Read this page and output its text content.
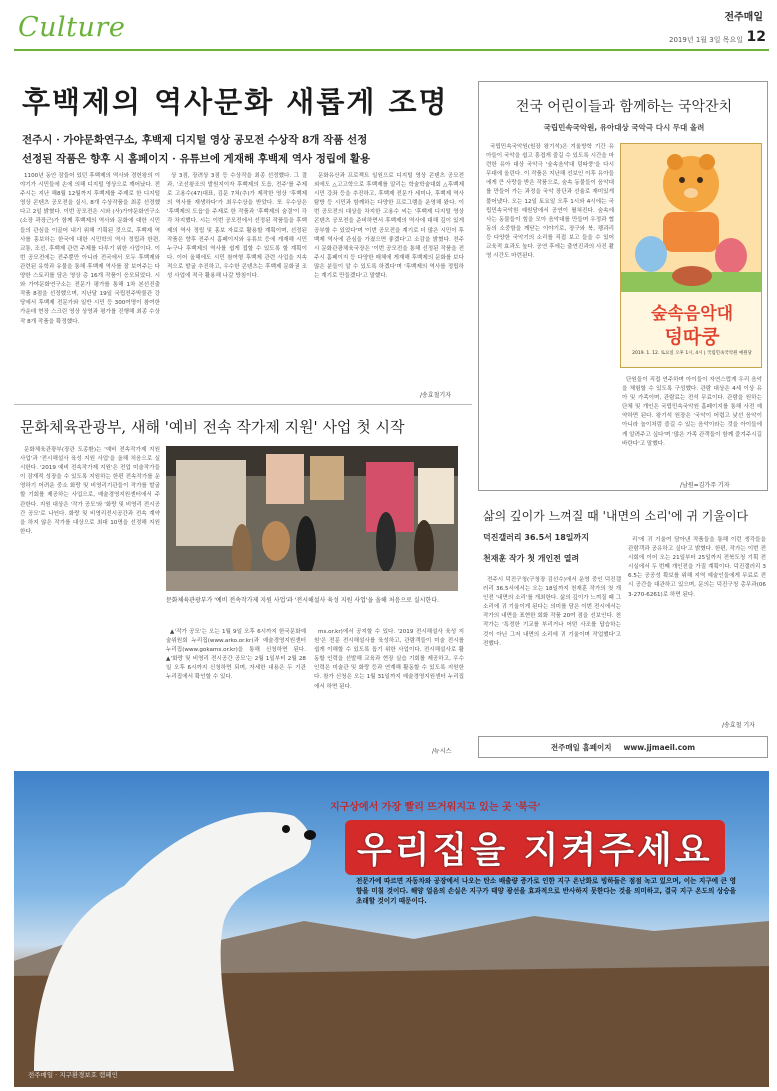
Culture	전주매일
2019년 1월 3일 목요일 12
후백제의 역사문화 새롭게 조명
전주시 · 가야문화연구소, 후백제 디지털 영상 공모전 수상작 8개 작품 선정
선정된 작품은 향후 시 홈페이지 · 유튜브에 게재해 후백제 역사 정립에 활용

1100년 동안 잠들어 있던 후백제의 역사와 경헌왕의 이야기가 시민들에 손에 의해 디지털 영상으로 깨어났다. 전주시는 지난 해8월 12월까지 후백제를 주제로 한 디지털 영상 콘텐츠 공모전을 실시, 8개 수상작품을 최종 선정했다고 2일 밝혔다. 이번 공모전은 시와 (사)가야문화연구소(소장 곽장근)가 함께 후백제의 역사와 문화에 대한 시민들의 관심을 이끌어 내기 위해 기획된 것으로, 후백제 역사를 홍보하는 한국에 대한 시민학의 역사 정립과 한편, 교통, 조선, 후백제 관련 주제를 다루기 위한 사업이다. 이번 공모전에는 전주뿐만 아니라 전국에서 모두 후백제와 관련된 유학과 유물을 통해 후백제 역사를 잘 보여주는 다양한 스토리를 담은 영상 총 16개 작품이 응모되었다. 시와 가야문화연구소는 전문가 평가를 통해 1차 본선진출 작품 8점을 선정했으며, 지난달 19일 국립전주박물관 강당에서 후백제 전문가와 일반 시민 등 300여명이 참여한 가운데 현장 스크린 영상 상영과 평가를 진행해 최종 수상작 8개 작품을 확정했다.

상 3점, 장려상 3점 등 수상작을 최종 선정했다. 그 결과, '조선왕조의 발원지이자 후백제의 도읍, 전주'를 주제로 고용수(47)대표, 김문 7쳐(추)가 제작한 영상 '후백제의 역사를 재생하다'가 최우수상을 받았다. 또 우수상은 '후백제의 도읍'을 주제로 한 작품과 '후백제의 숨결'이 각각 차지했다. 시는 이번 공모전에서 선정된 작품들을 후백제의 역사 정립 및 홍보 자료로 활용할 계획이며, 선정된 작품은 향후 전주시 홈페이지와 유튜브 등에 게재해 시민 누구나 후백제의 역사를 쉽게 접할 수 있도록 할 계획이다. 이어 올해에도 시민 참여형 후백제 관련 사업을 지속적으로 발굴 추진하고, 우수한 콘텐츠는 후백제 문화권 조성 사업에 적극 활용해 나갈 방침이다.

문화유산과 프로젝트 일원으로 디지털 영상 콘텐츠 공모전 외에도 △고고학으로 후백제를 알리는 학술학술대회 △후백제 시민 강좌 등을 추진하고, 후백제 전문가 세미나, 후백제 역사 탐방 등 시민과 함께하는 다양한 프로그램을 운영해 왔다. 이번 공모전의 대상을 차지한 고용수 씨는 '후백제 디지털 영상 콘텐츠 공모전을 준비하면서 후백제의 역사에 대해 깊이 있게 공부할 수 있었다'며 '이번 공모전을 계기로 더 많은 시민이 후백제 역사에 관심을 가졌으면 좋겠다'고 소감을 밝혔다. 전주시 문화관광체육국장은 '이번 공모전을 통해 선정된 작품을 전주시 홈페이지 등 다양한 매체에 게재해 후백제의 문화를 보다 많은 분들이 알 수 있도록 하겠다'며 '후백제의 역사를 정립하는 계기로 만들겠다'고 말했다.

/송효철기자
전국 어린이들과 함께하는 국악잔치
국립민속국악원, 유아대상 국악극 다시 무대 올려

국립민속국악원(원장 왕기석)은 겨울방학 기간 유아들이 국악을 쉽고 흥겹게 즐길 수 있도록 시간을 마련한 유아 대상 국악극 '숲속음악대 덩따쿵'을 다시 무대에 올린다. 이 작품은 지난해 선보인 이후 유아들에게 큰 사랑을 받은 작품으로, 숲속 동물들이 음악대를 만들어 가는 과정을 국악 장단과 선율로 재미있게 풀어냈다. 오는 12일 토요일 오후 1시와 4시에는 국립민속국악원 예원당에서 공연이 펼쳐진다. 숲속에 사는 동물들이 힘을 모아 음악대를 만들며 우정과 협동의 소중함을 깨닫는 이야기로, 장구와 북, 꽹과리 등 다양한 국악기의 소리를 직접 보고 들을 수 있어 교육적 효과도 높다. 공연 후에는 출연진과의 사진 촬영 시간도 마련된다.

숲속음악대
덩따쿵
2019. 1. 12. 토요일 오후 1시, 4시 | 국립민속국악원 예원당

단원들이 직접 연주하며 아이들이 자연스럽게 우리 음악을 체험할 수 있도록 구성했다. 관람 대상은 4세 이상 유아 및 가족이며, 관람료는 전석 무료이다. 관람을 원하는 단체 및 개인은 국립민속국악원 홈페이지를 통해 사전 예약하면 된다. 왕기석 원장은 '국악이 어렵고 낯선 음악이 아니라 놀이처럼 즐길 수 있는 음악이라는 것을 아이들에게 알려주고 싶다'며 '많은 가족 관객들이 함께 즐겨주시길 바란다'고 말했다.

/남원=김가주 기자
문화체육관광부, 새해 '예비 전속 작가제 지원' 사업 첫 시작

문화체육관광부(장관 도종환)는 '예비 전속작가제 지원 사업'과 '전시해설사 육성 지원 사업'을 올해 처음으로 실시한다. '2019 예비 전속작가제 지원'은 전업 미술작가들이 잠재적 성장을 수 있도록 지원하는 한편 전속작가를 운영하기 어려운 중소 화랑 및 비영리기관들이 작가를 발굴할 기회를 제공하는 사업으로, 예술경영지원센터에서 주관한다. 지원 대상은 '작가 공모'와 '화랑 및 비영리 전시공간 공모'로 나뉜다. 화랑 및 비영리전시공간과 전속 계약을 하지 않은 작가를 대상으로 최대 10명을 선정해 지원한다.

문화체육관광부가 '예비 전속작가제 지원 사업'과 '전시해설사 육성 지원 사업'을 올해 처음으로 실시한다.

▲'작가 공모'는 오는 1월 9일 오후 6시까지 한국문화예술위원회 누리집(www.arko.or.kr)과 예술경영지원센터 누리집(www.gokams.or.kr)을 통해 신청하면 된다. ▲'화랑 및 비영리 전시공간 공모'는 2월 1일부터 2월 28일 오후 6시까지 신청하면 되며, 자세한 내용은 두 기관 누리집에서 확인할 수 있다.

ms.or.kr)에서 공지할 수 있다. '2019 전시해설사 육성 지원'은 전문 전시해설사를 육성하고, 관람객들이 미술 전시를 쉽게 이해할 수 있도록 돕기 위한 사업이다. 전시해설사로 활동할 인력을 선발해 교육과 현장 실습 기회를 제공하고, 우수 인력은 미술관 및 화랑 등과 연계해 활동할 수 있도록 지원한다. 참가 신청은 오는 1월 31일까지 예술경영지원센터 누리집에서 하면 된다.

/뉴시스
삶의 깊이가 느껴질 때 '내면의 소리'에 귀 기울이다
덕진갤러리 36.5서 18일까지
천재훈 작가 첫 개인전 열려

전주시 덕진구청(구청장 김선수)에서 운영 중인 덕진갤러리 36.5서에서는 오는 18일까지 천재훈 작가의 첫 개인전 '내면의 소리'를 개최한다. 삶의 깊이가 느껴질 때 그 소리에 귀 기울이게 된다는 의미를 담은 이번 전시에서는 작가의 내면을 표현한 회화 작품 20여 점을 선보인다. 천 작가는 '특정한 기교를 부리거나 어떤 사조를 답습하는 것이 아닌 그저 내면의 소리에 귀 기울이며 작업했다'고 전했다.

리'에 귀 기울여 담아낸 작품들을 통해 이런 생각들을 관람객과 공유하고 싶다'고 밝혔다. 한편, 작가는 이번 전시회에 이어 오는 21일부터 25일까지 전북도청 기획 전시실에서 두 번째 개인전을 가질 계획이다. 덕진갤러리 36.5는 공공성 확보를 위해 지역 예술인들에게 무료로 전시 공간을 대관하고 있으며, 문의는 덕진구청 총무과(063-270-6261)로 하면 된다.

/송효철 기자
전주매일 홈페이지 www.jjmaeil.com
지구상에서 가장 빨리 뜨거워지고 있는 곳 '북극'
우리집을 지켜주세요
전문가에 따르면 자동차와 공장에서 나오는 탄소 배출량 증가로 인한 지구 온난화로 빙하들은 점점 녹고 있으며, 이는 지구에 큰 영향을 미칠 것이다. 해양 얼음의 손실은 지구가 태양 광선을 효과적으로 반사하지 못한다는 것을 의미하고, 결국 지구 온도의 상승을 초래할 것이기 때문이다.
전주매일 · 지구환경보호 캠페인
